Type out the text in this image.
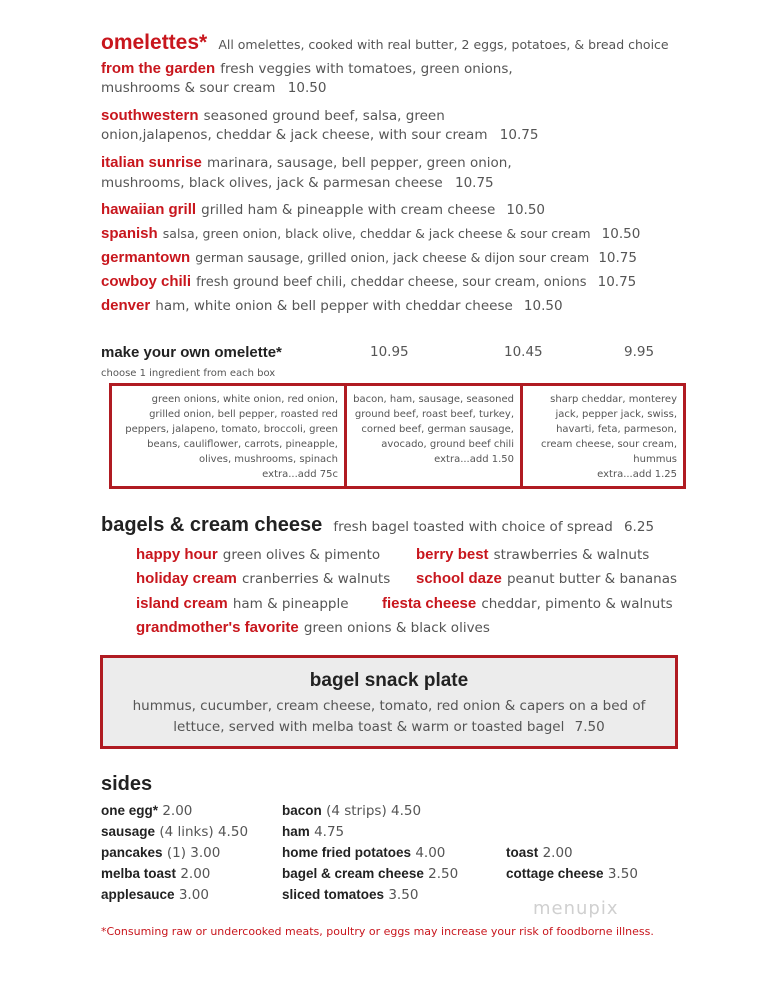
omelettes* All omelettes, cooked with real butter, 2 eggs, potatoes, & bread choice
from the garden fresh veggies with tomatoes, green onions,
mushrooms & sour cream 10.50
southwestern seasoned ground beef, salsa, green
onion,jalapenos, cheddar & jack cheese, with sour cream 10.75
italian sunrise marinara, sausage, bell pepper, green onion,
mushrooms, black olives, jack & parmesan cheese 10.75
hawaiian grill grilled ham & pineapple with cream cheese 10.50
spanish salsa, green onion, black olive, cheddar & jack cheese & sour cream 10.50
germantown german sausage, grilled onion, jack cheese & dijon sour cream 10.75
cowboy chili fresh ground beef chili, cheddar cheese, sour cream, onions 10.75
denver ham, white onion & bell pepper with cheddar cheese 10.50
make your own omelette*	10.95	10.45	9.95
choose 1 ingredient from each box
green onions, white onion, red onion, grilled onion, bell pepper, roasted red peppers, jalapeno, tomato, broccoli, green beans, cauliflower, carrots, pineapple, olives, mushrooms, spinach
extra...add 75c
bacon, ham, sausage, seasoned ground beef, roast beef, turkey, corned beef, german sausage, avocado, ground beef chili
extra...add 1.50
sharp cheddar, monterey jack, pepper jack, swiss, havarti, feta, parmeson, cream cheese, sour cream, hummus
extra...add 1.25
bagels & cream cheese fresh bagel toasted with choice of spread 6.25
happy hour green olives & pimento berry best strawberries & walnuts
holiday cream cranberries & walnuts school daze peanut butter & bananas
island cream ham & pineapple fiesta cheese cheddar, pimento & walnuts
grandmother's favorite green onions & black olives
bagel snack plate
hummus, cucumber, cream cheese, tomato, red onion & capers on a bed of
lettuce, served with melba toast & warm or toasted bagel 7.50
sides
one egg* 2.00
sausage (4 links) 4.50
pancakes (1) 3.00
melba toast 2.00
applesauce 3.00
bacon (4 strips) 4.50
ham 4.75
home fried potatoes 4.00
bagel & cream cheese 2.50
sliced tomatoes 3.50
toast 2.00
cottage cheese 3.50
menupix
*Consuming raw or undercooked meats, poultry or eggs may increase your risk of foodborne illness.
